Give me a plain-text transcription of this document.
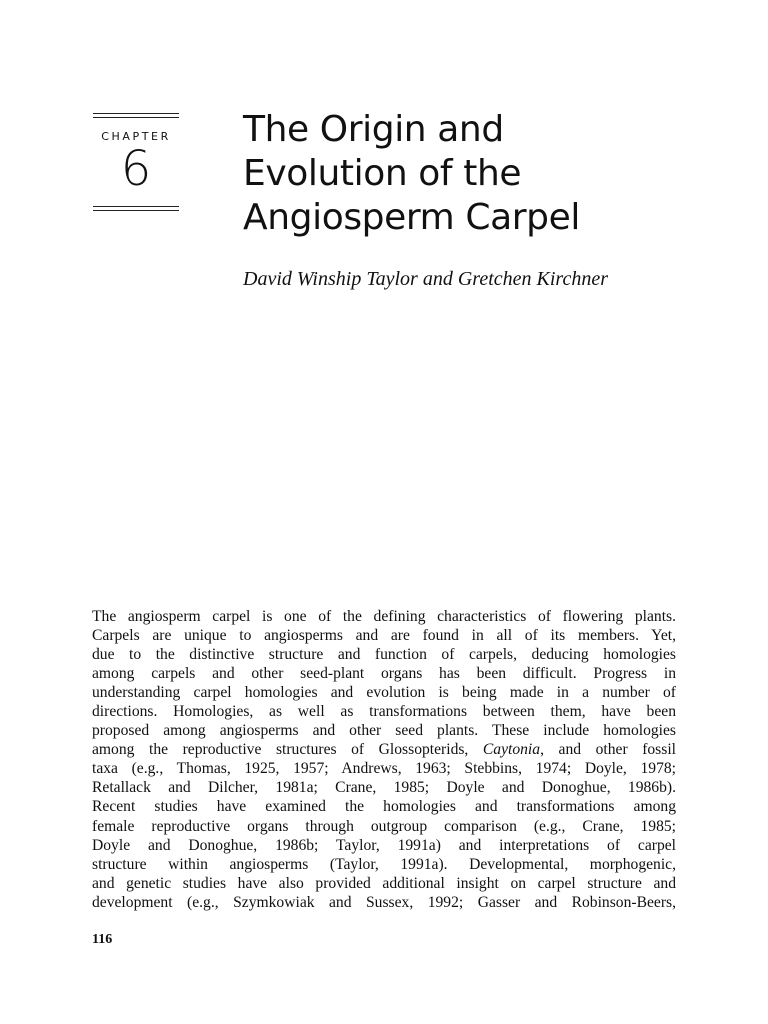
CHAPTER
6
The Origin and
Evolution of the
Angiosperm Carpel
David Winship Taylor and Gretchen Kirchner
The angiosperm carpel is one of the defining characteristics of flowering plants.
Carpels are unique to angiosperms and are found in all of its members. Yet,
due to the distinctive structure and function of carpels, deducing homologies
among carpels and other seed-plant organs has been difficult. Progress in
understanding carpel homologies and evolution is being made in a number of
directions. Homologies, as well as transformations between them, have been
proposed among angiosperms and other seed plants. These include homologies
among the reproductive structures of Glossopterids, Caytonia, and other fossil
taxa (e.g., Thomas, 1925, 1957; Andrews, 1963; Stebbins, 1974; Doyle, 1978;
Retallack and Dilcher, 1981a; Crane, 1985; Doyle and Donoghue, 1986b).
Recent studies have examined the homologies and transformations among
female reproductive organs through outgroup comparison (e.g., Crane, 1985;
Doyle and Donoghue, 1986b; Taylor, 1991a) and interpretations of carpel
structure within angiosperms (Taylor, 1991a). Developmental, morphogenic,
and genetic studies have also provided additional insight on carpel structure and
development (e.g., Szymkowiak and Sussex, 1992; Gasser and Robinson-Beers,
116
